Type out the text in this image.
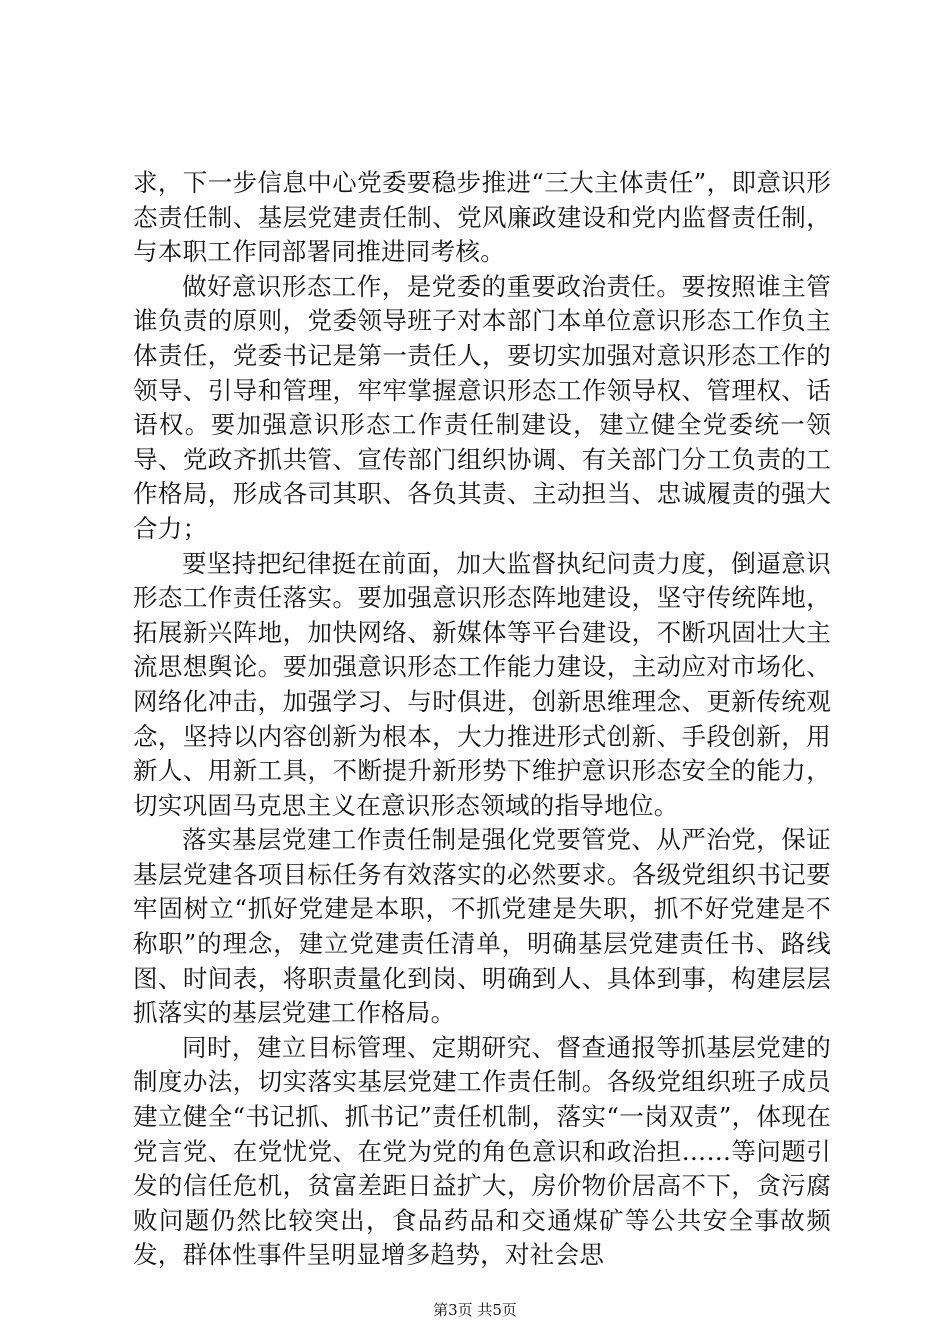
求，下一步信息中心党委要稳步推进“三大主体责任”，即意识形态责任制、基层党建责任制、党风廉政建设和党内监督责任制，与本职工作同部署同推进同考核。

做好意识形态工作，是党委的重要政治责任。要按照谁主管谁负责的原则，党委领导班子对本部门本单位意识形态工作负主体责任，党委书记是第一责任人，要切实加强对意识形态工作的领导、引导和管理，牢牢掌握意识形态工作领导权、管理权、话语权。要加强意识形态工作责任制建设，建立健全党委统一领导、党政齐抓共管、宣传部门组织协调、有关部门分工负责的工作格局，形成各司其职、各负其责、主动担当、忠诚履责的强大合力；

要坚持把纪律挺在前面，加大监督执纪问责力度，倒逼意识形态工作责任落实。要加强意识形态阵地建设，坚守传统阵地，拓展新兴阵地，加快网络、新媒体等平台建设，不断巩固壮大主流思想舆论。要加强意识形态工作能力建设，主动应对市场化、网络化冲击，加强学习、与时俱进，创新思维理念、更新传统观念，坚持以内容创新为根本，大力推进形式创新、手段创新，用新人、用新工具，不断提升新形势下维护意识形态安全的能力，切实巩固马克思主义在意识形态领域的指导地位。

落实基层党建工作责任制是强化党要管党、从严治党，保证基层党建各项目标任务有效落实的必然要求。各级党组织书记要牢固树立“抓好党建是本职，不抓党建是失职，抓不好党建是不称职”的理念，建立党建责任清单，明确基层党建责任书、路线图、时间表，将职责量化到岗、明确到人、具体到事，构建层层抓落实的基层党建工作格局。

同时，建立目标管理、定期研究、督查通报等抓基层党建的制度办法，切实落实基层党建工作责任制。各级党组织班子成员建立健全“书记抓、抓书记”责任机制，落实“一岗双责”，体现在党言党、在党忧党、在党为党的角色意识和政治担……等问题引发的信任危机，贫富差距日益扩大，房价物价居高不下，贪污腐败问题仍然比较突出，食品药品和交通煤矿等公共安全事故频发，群体性事件呈明显增多趋势，对社会思

第3页 共5页
